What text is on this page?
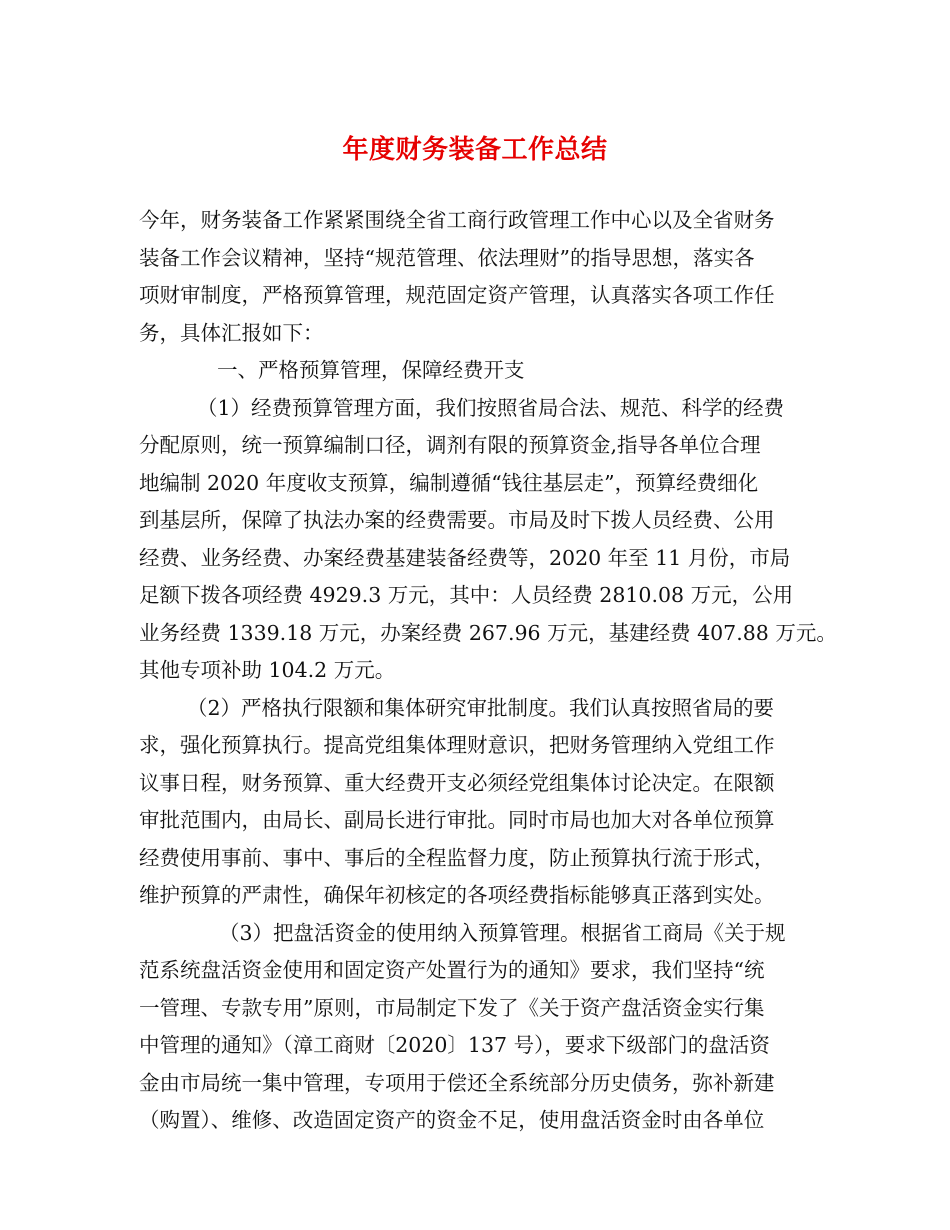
年度财务装备工作总结
今年，财务装备工作紧紧围绕全省工商行政管理工作中心以及全省财务
装备工作会议精神，坚持“规范管理、依法理财”的指导思想，落实各
项财审制度，严格预算管理，规范固定资产管理，认真落实各项工作任
务，具体汇报如下：
一、严格预算管理，保障经费开支
（1）经费预算管理方面，我们按照省局合法、规范、科学的经费
分配原则，统一预算编制口径，调剂有限的预算资金,指导各单位合理
地编制 2020 年度收支预算，编制遵循“钱往基层走”，预算经费细化
到基层所，保障了执法办案的经费需要。市局及时下拨人员经费、公用
经费、业务经费、办案经费基建装备经费等，2020 年至 11 月份，市局
足额下拨各项经费 4929.3 万元，其中：人员经费 2810.08 万元，公用
业务经费 1339.18 万元，办案经费 267.96 万元，基建经费 407.88 万元。
其他专项补助 104.2 万元。
（2）严格执行限额和集体研究审批制度。我们认真按照省局的要
求，强化预算执行。提高党组集体理财意识，把财务管理纳入党组工作
议事日程，财务预算、重大经费开支必须经党组集体讨论决定。在限额
审批范围内，由局长、副局长进行审批。同时市局也加大对各单位预算
经费使用事前、事中、事后的全程监督力度，防止预算执行流于形式，
维护预算的严肃性，确保年初核定的各项经费指标能够真正落到实处。
（3）把盘活资金的使用纳入预算管理。根据省工商局《关于规
范系统盘活资金使用和固定资产处置行为的通知》要求，我们坚持“统
一管理、专款专用”原则，市局制定下发了《关于资产盘活资金实行集
中管理的通知》（漳工商财〔2020〕137 号），要求下级部门的盘活资
金由市局统一集中管理，专项用于偿还全系统部分历史债务，弥补新建
（购置）、维修、改造固定资产的资金不足，使用盘活资金时由各单位
